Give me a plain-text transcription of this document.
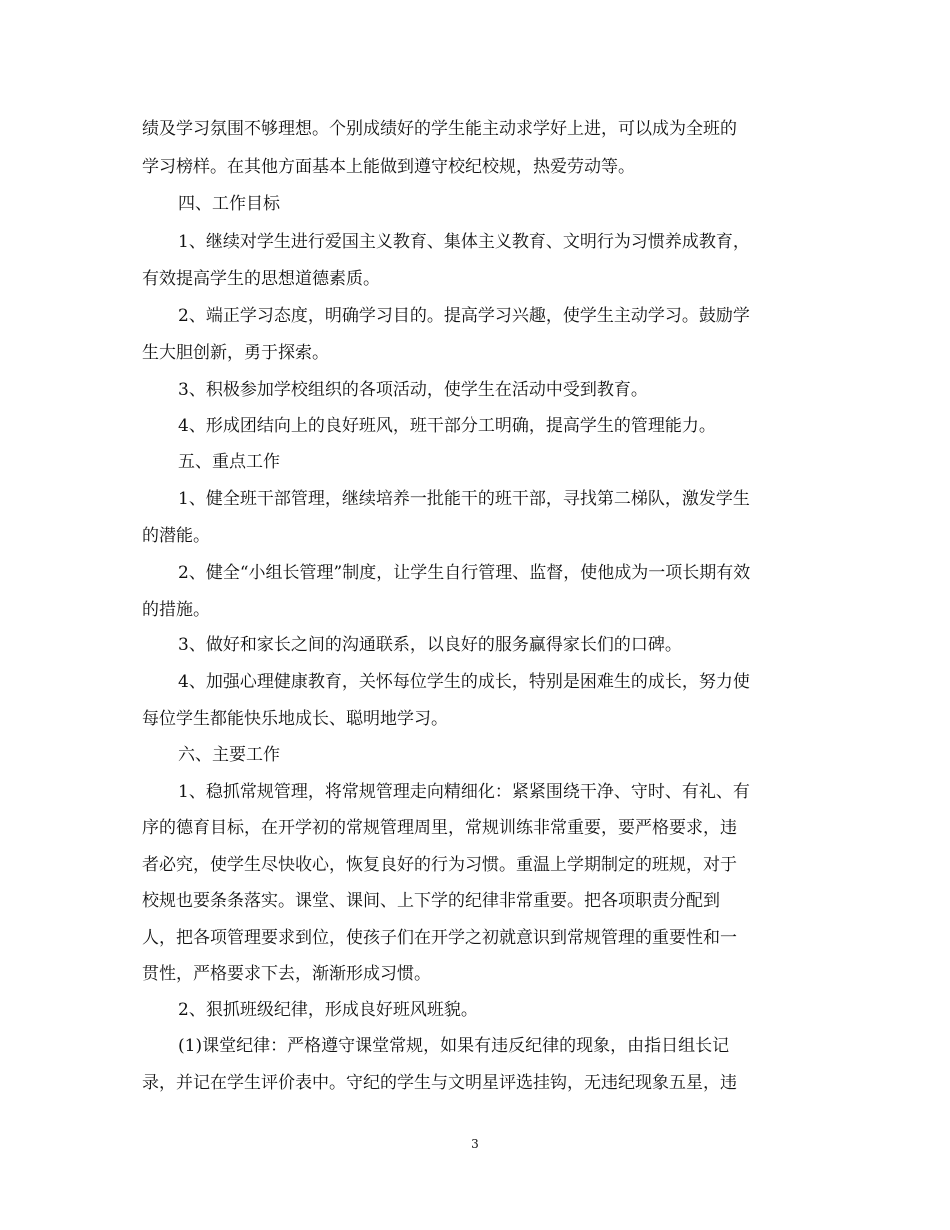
绩及学习氛围不够理想。个别成绩好的学生能主动求学好上进，可以成为全班的

学习榜样。在其他方面基本上能做到遵守校纪校规，热爱劳动等。

四、工作目标

1、继续对学生进行爱国主义教育、集体主义教育、文明行为习惯养成教育，

有效提高学生的思想道德素质。

2、端正学习态度，明确学习目的。提高学习兴趣，使学生主动学习。鼓励学

生大胆创新，勇于探索。

3、积极参加学校组织的各项活动，使学生在活动中受到教育。

4、形成团结向上的良好班风，班干部分工明确，提高学生的管理能力。

五、重点工作

1、健全班干部管理，继续培养一批能干的班干部，寻找第二梯队，激发学生

的潜能。

2、健全“小组长管理”制度，让学生自行管理、监督，使他成为一项长期有效

的措施。

3、做好和家长之间的沟通联系，以良好的服务赢得家长们的口碑。

4、加强心理健康教育，关怀每位学生的成长，特别是困难生的成长，努力使

每位学生都能快乐地成长、聪明地学习。

六、主要工作

1、稳抓常规管理，将常规管理走向精细化：紧紧围绕干净、守时、有礼、有

序的德育目标，在开学初的常规管理周里，常规训练非常重要，要严格要求，违

者必究，使学生尽快收心，恢复良好的行为习惯。重温上学期制定的班规，对于

校规也要条条落实。课堂、课间、上下学的纪律非常重要。把各项职责分配到

人，把各项管理要求到位，使孩子们在开学之初就意识到常规管理的重要性和一

贯性，严格要求下去，渐渐形成习惯。

2、狠抓班级纪律，形成良好班风班貌。

(1)课堂纪律：严格遵守课堂常规，如果有违反纪律的现象，由指日组长记

录，并记在学生评价表中。守纪的学生与文明星评选挂钩，无违纪现象五星，违

3
